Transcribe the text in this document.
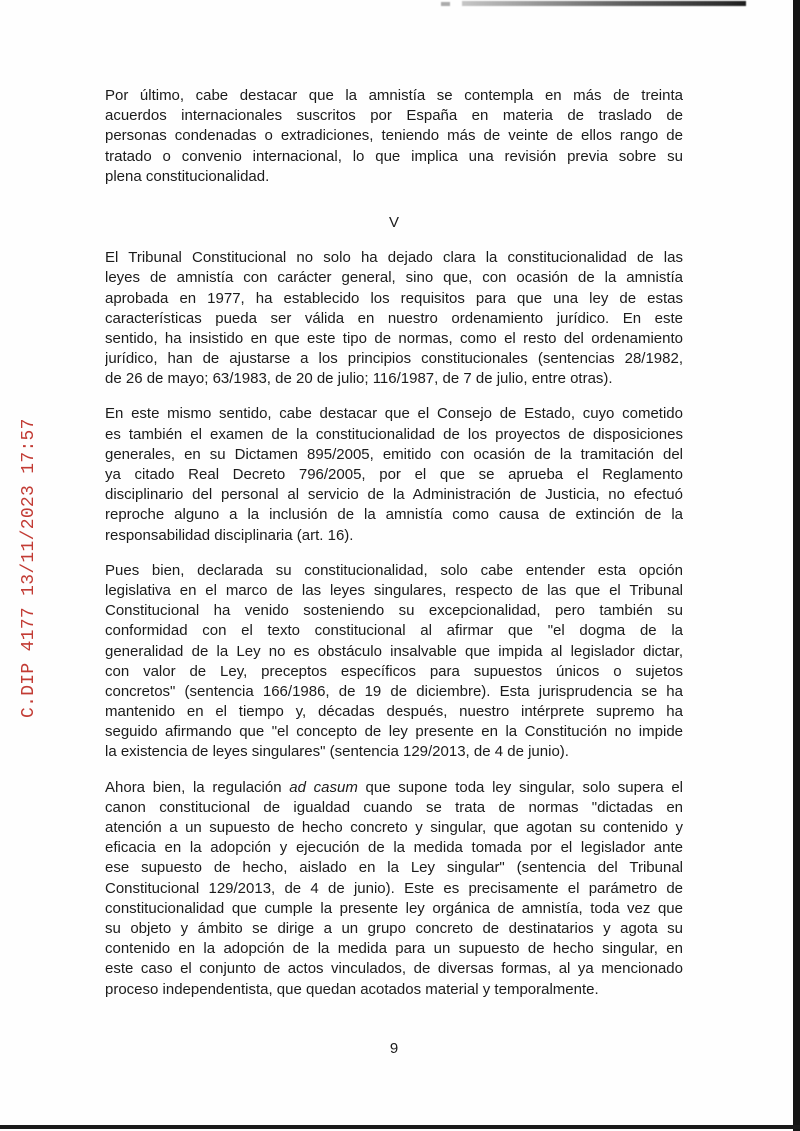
C.DIP 4177 13/11/2023 17:57
Por último, cabe destacar que la amnistía se contempla en más de treinta
acuerdos internacionales suscritos por España en materia de traslado de
personas condenadas o extradiciones, teniendo más de veinte de ellos rango de
tratado o convenio internacional, lo que implica una revisión previa sobre su
plena constitucionalidad.
V
El Tribunal Constitucional no solo ha dejado clara la constitucionalidad de las
leyes de amnistía con carácter general, sino que, con ocasión de la amnistía
aprobada en 1977, ha establecido los requisitos para que una ley de estas
características pueda ser válida en nuestro ordenamiento jurídico. En este
sentido, ha insistido en que este tipo de normas, como el resto del ordenamiento
jurídico, han de ajustarse a los principios constitucionales (sentencias 28/1982,
de 26 de mayo; 63/1983, de 20 de julio; 116/1987, de 7 de julio, entre otras).
En este mismo sentido, cabe destacar que el Consejo de Estado, cuyo cometido
es también el examen de la constitucionalidad de los proyectos de disposiciones
generales, en su Dictamen 895/2005, emitido con ocasión de la tramitación del
ya citado Real Decreto 796/2005, por el que se aprueba el Reglamento
disciplinario del personal al servicio de la Administración de Justicia, no efectuó
reproche alguno a la inclusión de la amnistía como causa de extinción de la
responsabilidad disciplinaria (art. 16).
Pues bien, declarada su constitucionalidad, solo cabe entender esta opción
legislativa en el marco de las leyes singulares, respecto de las que el Tribunal
Constitucional ha venido sosteniendo su excepcionalidad, pero también su
conformidad con el texto constitucional al afirmar que "el dogma de la
generalidad de la Ley no es obstáculo insalvable que impida al legislador dictar,
con valor de Ley, preceptos específicos para supuestos únicos o sujetos
concretos" (sentencia 166/1986, de 19 de diciembre). Esta jurisprudencia se ha
mantenido en el tiempo y, décadas después, nuestro intérprete supremo ha
seguido afirmando que "el concepto de ley presente en la Constitución no impide
la existencia de leyes singulares" (sentencia 129/2013, de 4 de junio).
Ahora bien, la regulación ad casum que supone toda ley singular, solo supera el
canon constitucional de igualdad cuando se trata de normas "dictadas en
atención a un supuesto de hecho concreto y singular, que agotan su contenido y
eficacia en la adopción y ejecución de la medida tomada por el legislador ante
ese supuesto de hecho, aislado en la Ley singular" (sentencia del Tribunal
Constitucional 129/2013, de 4 de junio). Este es precisamente el parámetro de
constitucionalidad que cumple la presente ley orgánica de amnistía, toda vez que
su objeto y ámbito se dirige a un grupo concreto de destinatarios y agota su
contenido en la adopción de la medida para un supuesto de hecho singular, en
este caso el conjunto de actos vinculados, de diversas formas, al ya mencionado
proceso independentista, que quedan acotados material y temporalmente.
9
